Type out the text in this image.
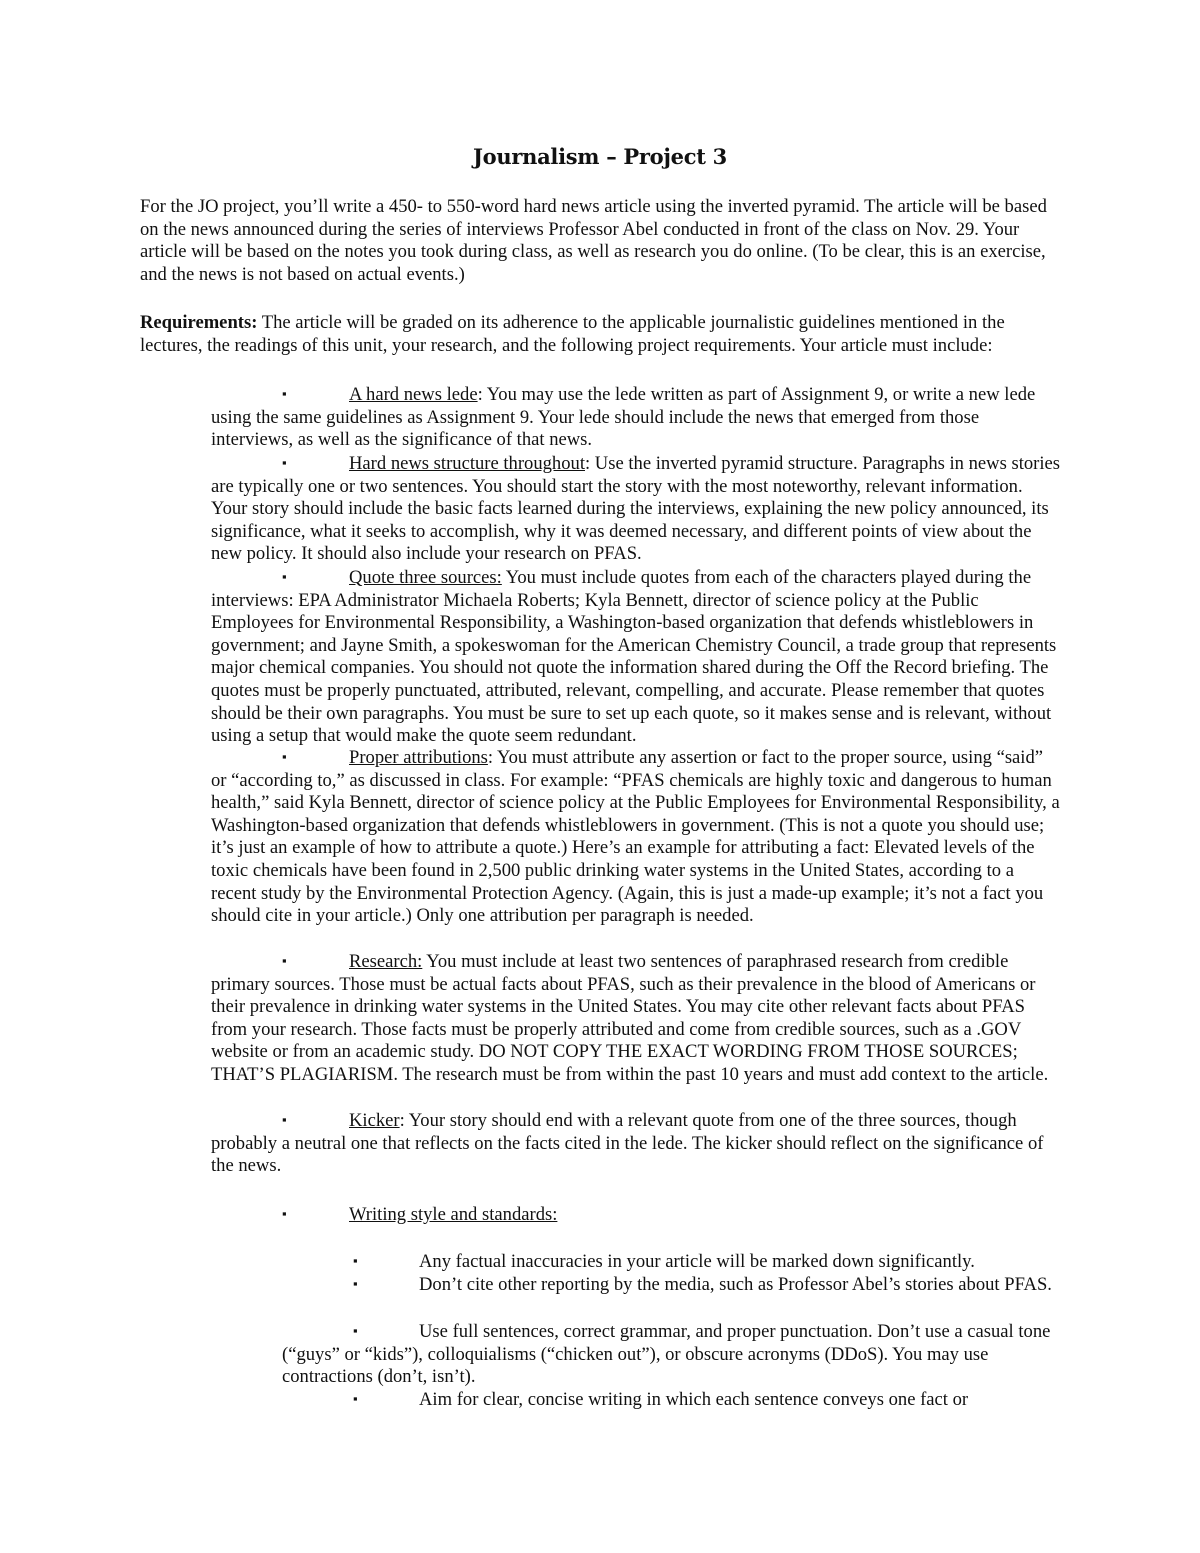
Journalism – Project 3

For the JO project, you’ll write a 450- to 550-word hard news article using the inverted pyramid. The article will be based on the news announced during the series of interviews Professor Abel conducted in front of the class on Nov. 29. Your article will be based on the notes you took during class, as well as research you do online. (To be clear, this is an exercise, and the news is not based on actual events.)

Requirements: The article will be graded on its adherence to the applicable journalistic guidelines mentioned in the lectures, the readings of this unit, your research, and the following project requirements. Your article must include:

▪	A hard news lede: You may use the lede written as part of Assignment 9, or write a new lede using the same guidelines as Assignment 9. Your lede should include the news that emerged from those interviews, as well as the significance of that news.

▪	Hard news structure throughout: Use the inverted pyramid structure. Paragraphs in news stories are typically one or two sentences. You should start the story with the most noteworthy, relevant information. Your story should include the basic facts learned during the interviews, explaining the new policy announced, its significance, what it seeks to accomplish, why it was deemed necessary, and different points of view about the new policy. It should also include your research on PFAS.

▪	Quote three sources: You must include quotes from each of the characters played during the interviews: EPA Administrator Michaela Roberts; Kyla Bennett, director of science policy at the Public Employees for Environmental Responsibility, a Washington-based organization that defends whistleblowers in government; and Jayne Smith, a spokeswoman for the American Chemistry Council, a trade group that represents major chemical companies. You should not quote the information shared during the Off the Record briefing. The quotes must be properly punctuated, attributed, relevant, compelling, and accurate. Please remember that quotes should be their own paragraphs. You must be sure to set up each quote, so it makes sense and is relevant, without using a setup that would make the quote seem redundant.

▪	Proper attributions: You must attribute any assertion or fact to the proper source, using “said” or “according to,” as discussed in class. For example: “PFAS chemicals are highly toxic and dangerous to human health,” said Kyla Bennett, director of science policy at the Public Employees for Environmental Responsibility, a Washington-based organization that defends whistleblowers in government. (This is not a quote you should use; it’s just an example of how to attribute a quote.) Here’s an example for attributing a fact: Elevated levels of the toxic chemicals have been found in 2,500 public drinking water systems in the United States, according to a recent study by the Environmental Protection Agency. (Again, this is just a made-up example; it’s not a fact you should cite in your article.) Only one attribution per paragraph is needed.

▪	Research: You must include at least two sentences of paraphrased research from credible primary sources. Those must be actual facts about PFAS, such as their prevalence in the blood of Americans or their prevalence in drinking water systems in the United States. You may cite other relevant facts about PFAS from your research. Those facts must be properly attributed and come from credible sources, such as a .GOV website or from an academic study. DO NOT COPY THE EXACT WORDING FROM THOSE SOURCES; THAT’S PLAGIARISM. The research must be from within the past 10 years and must add context to the article.

▪	Kicker: Your story should end with a relevant quote from one of the three sources, though probably a neutral one that reflects on the facts cited in the lede. The kicker should reflect on the significance of the news.

▪	Writing style and standards:

▪	Any factual inaccuracies in your article will be marked down significantly.

▪	Don’t cite other reporting by the media, such as Professor Abel’s stories about PFAS.

▪	Use full sentences, correct grammar, and proper punctuation. Don’t use a casual tone (“guys” or “kids”), colloquialisms (“chicken out”), or obscure acronyms (DDoS). You may use contractions (don’t, isn’t).

▪	Aim for clear, concise writing in which each sentence conveys one fact or
